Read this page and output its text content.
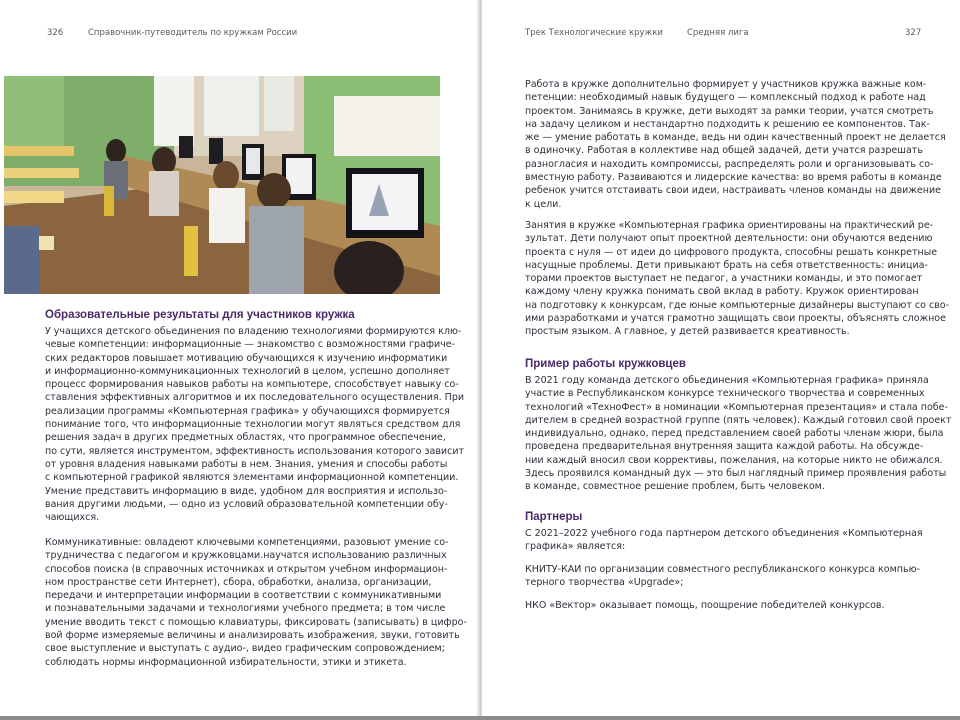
326	Справочник-путеводитель по кружкам России
Образовательные результаты для участников кружка
У учащихся детского обьединения по владению технологиями формируются клю-
чевые компетенции: информационные — знакомство с возможностями графиче-
ских редакторов повышает мотивацию обучающихся к изучению информатики
и информационно-коммуникационных технологий в целом, успешно дополняет
процесс формирования навыков работы на компьютере, способствует навыку со-
ставления эффективных алгоритмов и их последовательного осуществления. При
реализации программы «Компьютерная графика» у обучающихся формируется
понимание того, что информационные технологии могут являться средством для
решения задач в других предметных областях, что программное обеспечение,
по сути, является инструментом, эффективность использования которого зависит
от уровня владения навыками работы в нем. Знания, умения и способы работы
с компьютерной графикой являются элементами информационной компетенции.
Умение представить информацию в виде, удобном для восприятия и использо-
вания другими людьми, — одно из условий образовательной компетенции обу-
чающихся.
Коммуникативные: овладеют ключевыми компетенциями, разовьют умение со-
трудничества с педагогом и кружковцами.научатся использованию различных
способов поиска (в справочных источниках и открытом учебном информацион-
ном пространстве сети Интернет), сбора, обработки, анализа, организации,
передачи и интерпретации информации в соответствии с коммуникативными
и познавательными задачами и технологиями учебного предмета; в том числе
умение вводить текст с помощью клавиатуры, фиксировать (записывать) в цифро-
вой форме измеряемые величины и анализировать изображения, звуки, готовить
свое выступление и выступать с аудио-, видео графическим сопровождением;
соблюдать нормы информационной избирательности, этики и этикета.
Трек Технологические кружки	Средняя лига	327
Работа в кружке дополнительно формирует у участников кружка важные ком-
петенции: необходимый навык будущего — комплексный подход к работе над
проектом. Занимаясь в кружке, дети выходят за рамки теории, учатся смотреть
на задачу целиком и нестандартно подходить к решению ее компонентов. Так-
же — умение работать в команде, ведь ни один качественный проект не делается
в одиночку. Работая в коллективе над общей задачей, дети учатся разрешать
разногласия и находить компромиссы, распределять роли и организовывать со-
вместную работу. Развиваются и лидерские качества: во время работы в команде
ребенок учится отстаивать свои идеи, настраивать членов команды на движение
к цели.
Занятия в кружке «Компьютерная графика ориентированы на практический ре-
зультат. Дети получают опыт проектной деятельности: они обучаются ведению
проекта с нуля — от идеи до цифрового продукта, способны решать конкретные
насущные проблемы. Дети привыкают брать на себя ответственность: инициа-
торами проектов выступает не педагог, а участники команды, и это помогает
каждому члену кружка понимать свой вклад в работу. Кружок ориентирован
на подготовку к конкурсам, где юные компьютерные дизайнеры выступают со сво-
ими разработками и учатся грамотно защищать свои проекты, объяснять сложное
простым языком. А главное, у детей развивается креативность.
Пример работы кружковцев
В 2021 году команда детского обьединения «Компьютерная графика» приняла
участие в Республиканском конкурсе технического творчества и современных
технологий «ТехноФест» в номинации «Компьютерная презентация» и стала побе-
дителем в средней возрастной группе (пять человек). Каждый готовил свой проект
индивидуально, однако, перед представлением своей работы членам жюри, была
проведена предварительная внутренняя защита каждой работы. На обсужде-
нии каждый вносил свои коррективы, пожелания, на которые никто не обижался.
Здесь проявился командный дух — это был наглядный пример проявления работы
в команде, совместное решение проблем, быть человеком.
Партнеры
С 2021–2022 учебного года партнером детского объединения «Компьютерная
графика» является:
КНИТУ-КАИ по организации совместного республиканского конкурса компью-
терного творчества «Upgrade»;
НКО «Вектор» оказывает помощь, поощрение победителей конкурсов.
